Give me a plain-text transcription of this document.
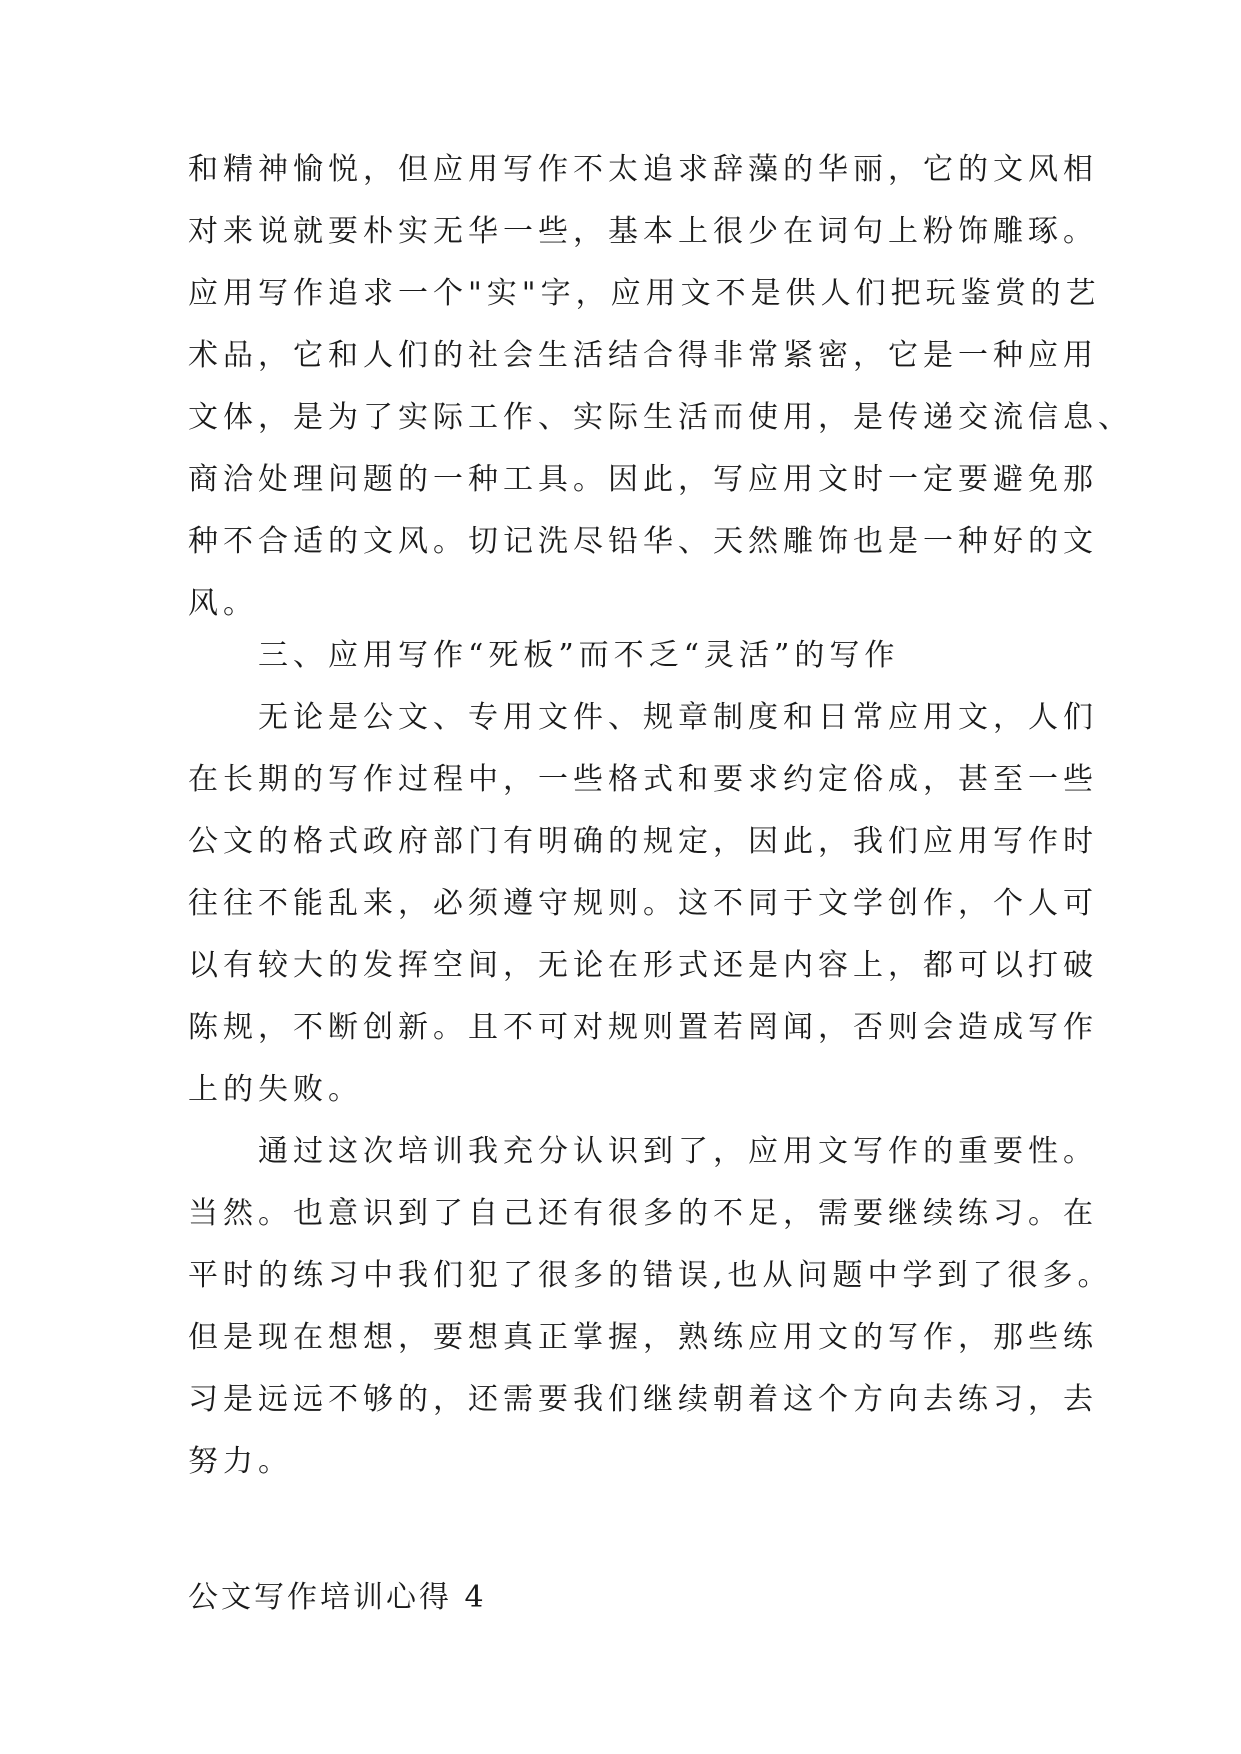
和精神愉悦，但应用写作不太追求辞藻的华丽，它的文风相
对来说就要朴实无华一些，基本上很少在词句上粉饰雕琢。
应用写作追求一个"实"字，应用文不是供人们把玩鉴赏的艺
术品，它和人们的社会生活结合得非常紧密，它是一种应用
文体，是为了实际工作、实际生活而使用，是传递交流信息、
商洽处理问题的一种工具。因此，写应用文时一定要避免那
种不合适的文风。切记洗尽铅华、天然雕饰也是一种好的文
风。
三、应用写作“死板”而不乏“灵活”的写作
无论是公文、专用文件、规章制度和日常应用文，人们
在长期的写作过程中，一些格式和要求约定俗成，甚至一些
公文的格式政府部门有明确的规定，因此，我们应用写作时
往往不能乱来，必须遵守规则。这不同于文学创作，个人可
以有较大的发挥空间，无论在形式还是内容上，都可以打破
陈规，不断创新。且不可对规则置若罔闻，否则会造成写作
上的失败。
通过这次培训我充分认识到了，应用文写作的重要性。
当然。也意识到了自己还有很多的不足，需要继续练习。在
平时的练习中我们犯了很多的错误,也从问题中学到了很多。
但是现在想想，要想真正掌握，熟练应用文的写作，那些练
习是远远不够的，还需要我们继续朝着这个方向去练习，去
努力。
公文写作培训心得 4
